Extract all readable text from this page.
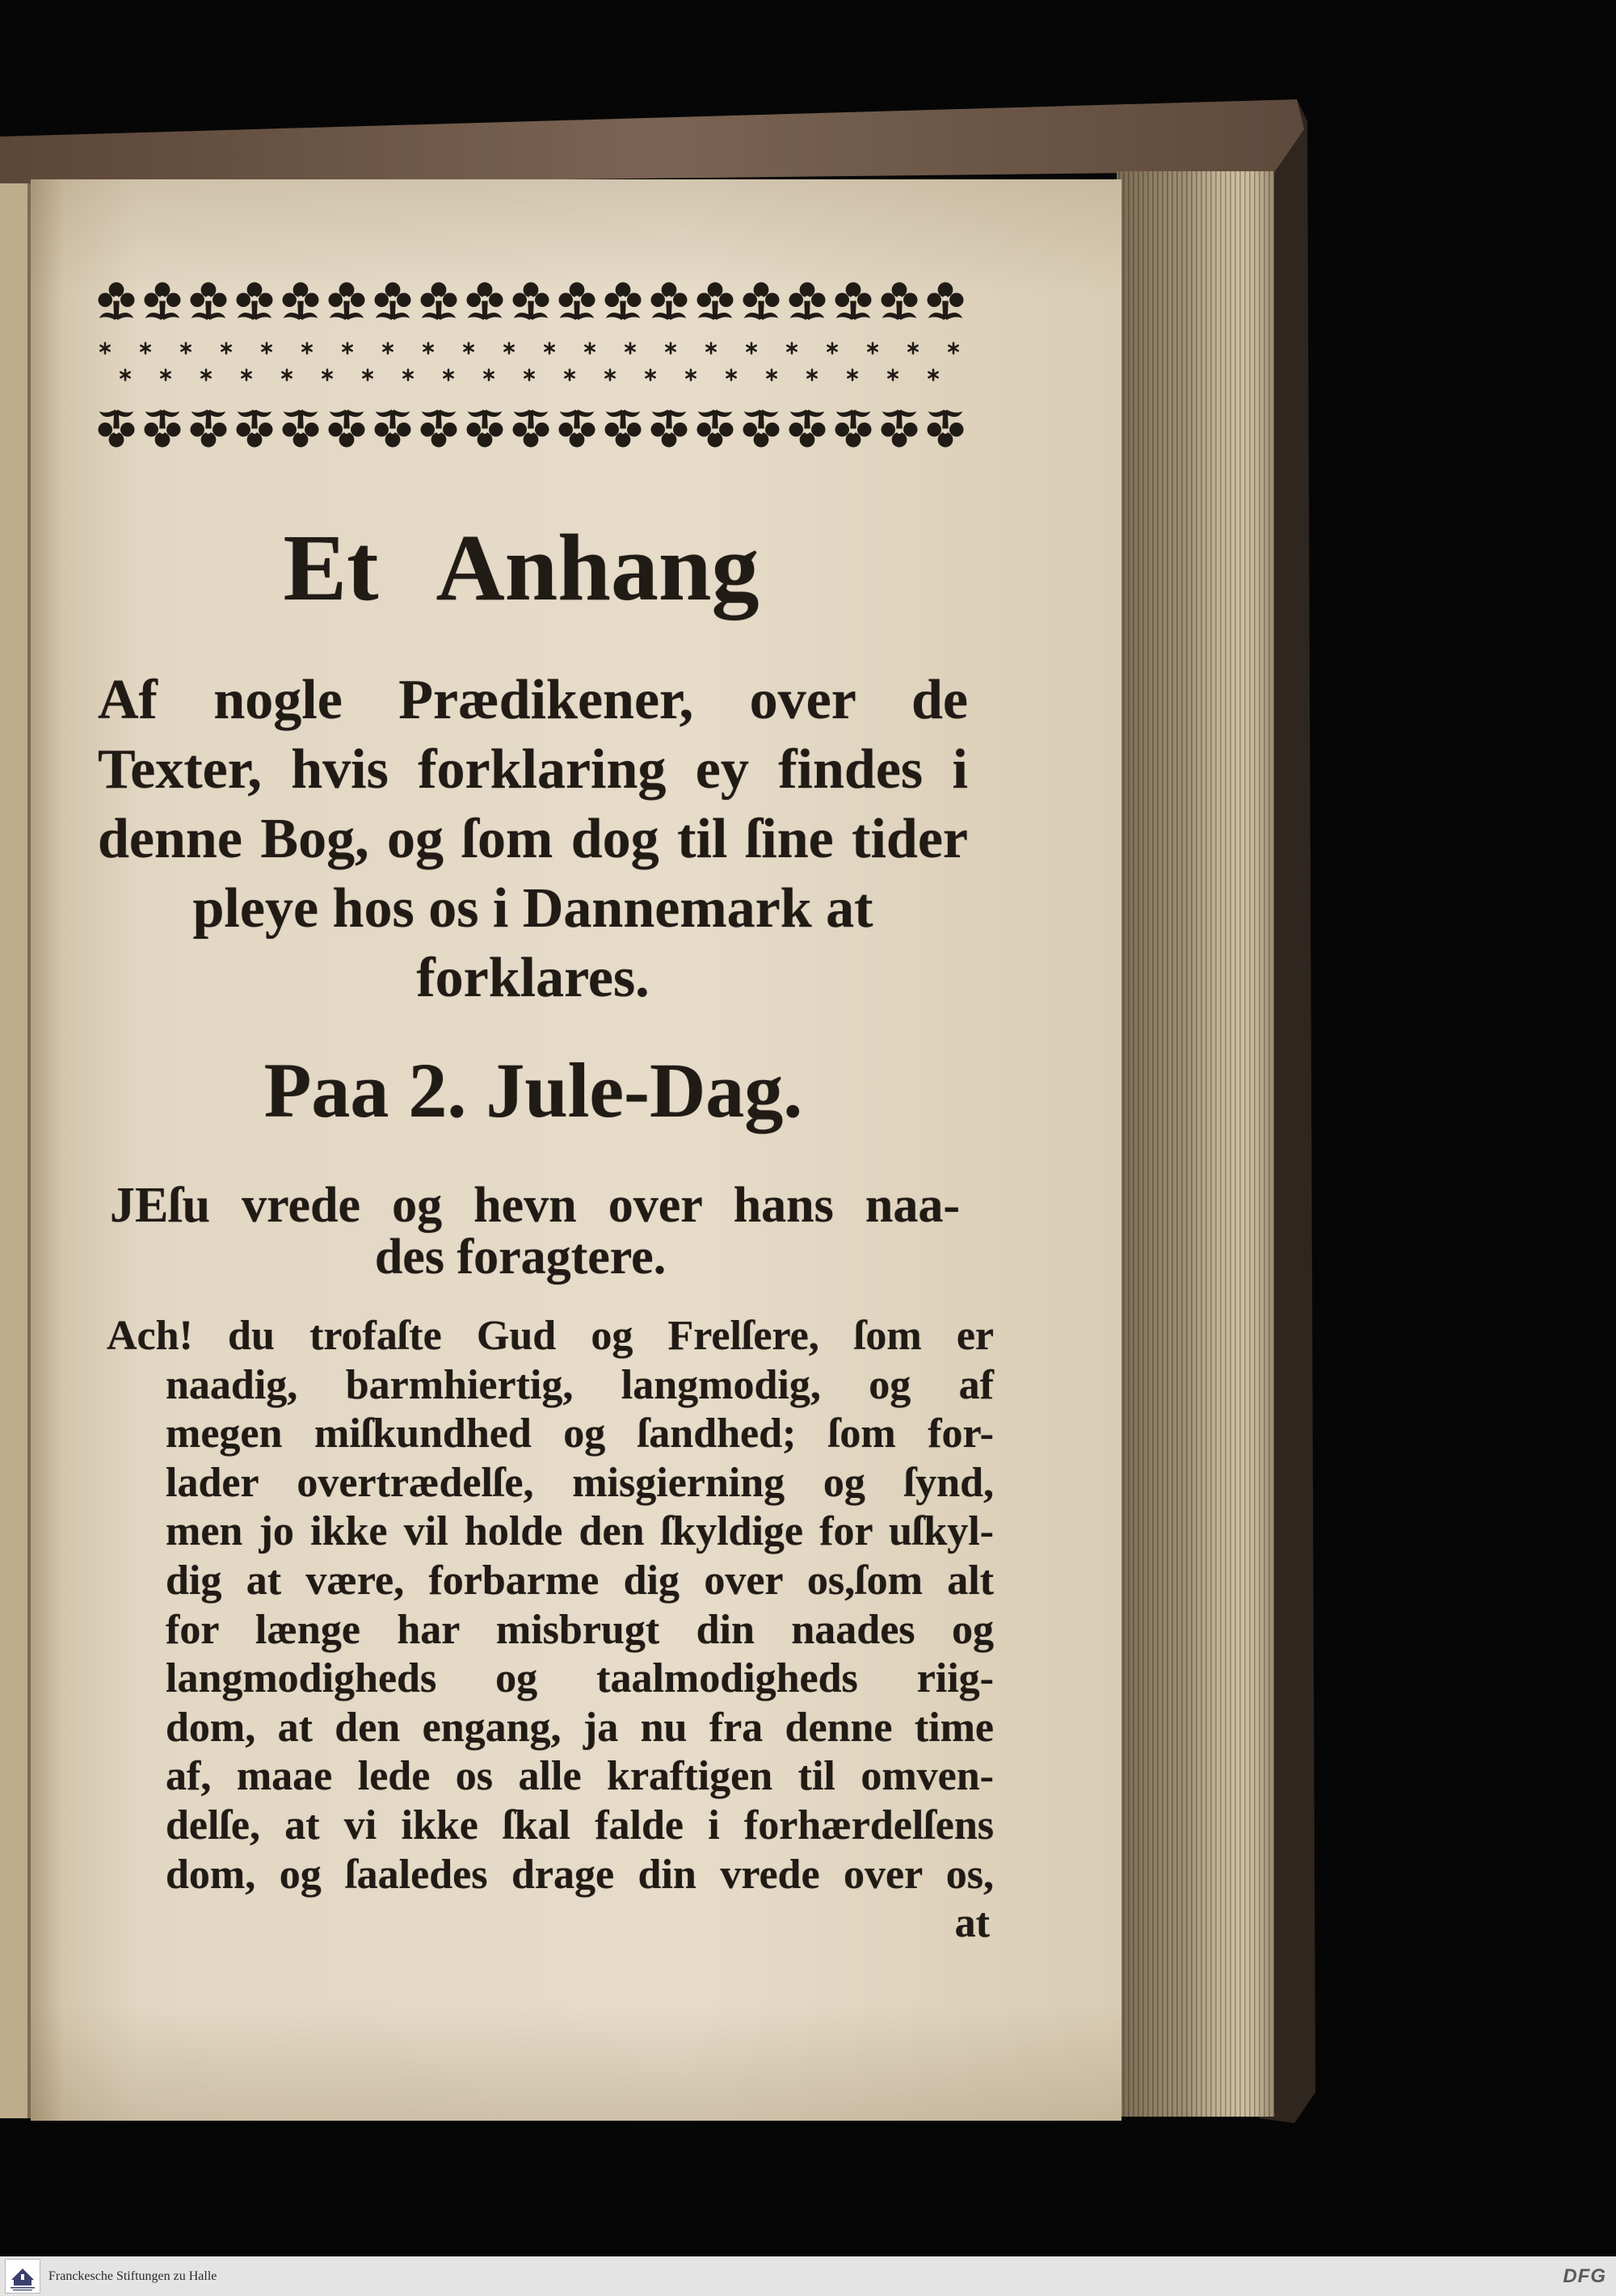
Et Anhang
Af nogle Prædikener, over de
Texter, hvis forklaring ey findes i
denne Bog, og ſom dog til ſine tider
pleye hos os i Dannemark at
forklares.
Paa 2. Jule-Dag.
JEſu vrede og hevn over hans naa-
des foragtere.
Ach! du trofaſte Gud og Frelſere, ſom er
naadig, barmhiertig, langmodig, og af
megen miſkundhed og ſandhed; ſom for-
lader overtrædelſe, misgierning og ſynd,
men jo ikke vil holde den ſkyldige for uſkyl-
dig at være, forbarme dig over os,ſom alt
for længe har misbrugt din naades og
langmodigheds og taalmodigheds riig-
dom, at den engang, ja nu fra denne time
af, maae lede os alle kraftigen til omven-
delſe, at vi ikke ſkal falde i forhærdelſens
dom, og ſaaledes drage din vrede over os,
at
Franckesche Stiftungen zu Halle	DFG
